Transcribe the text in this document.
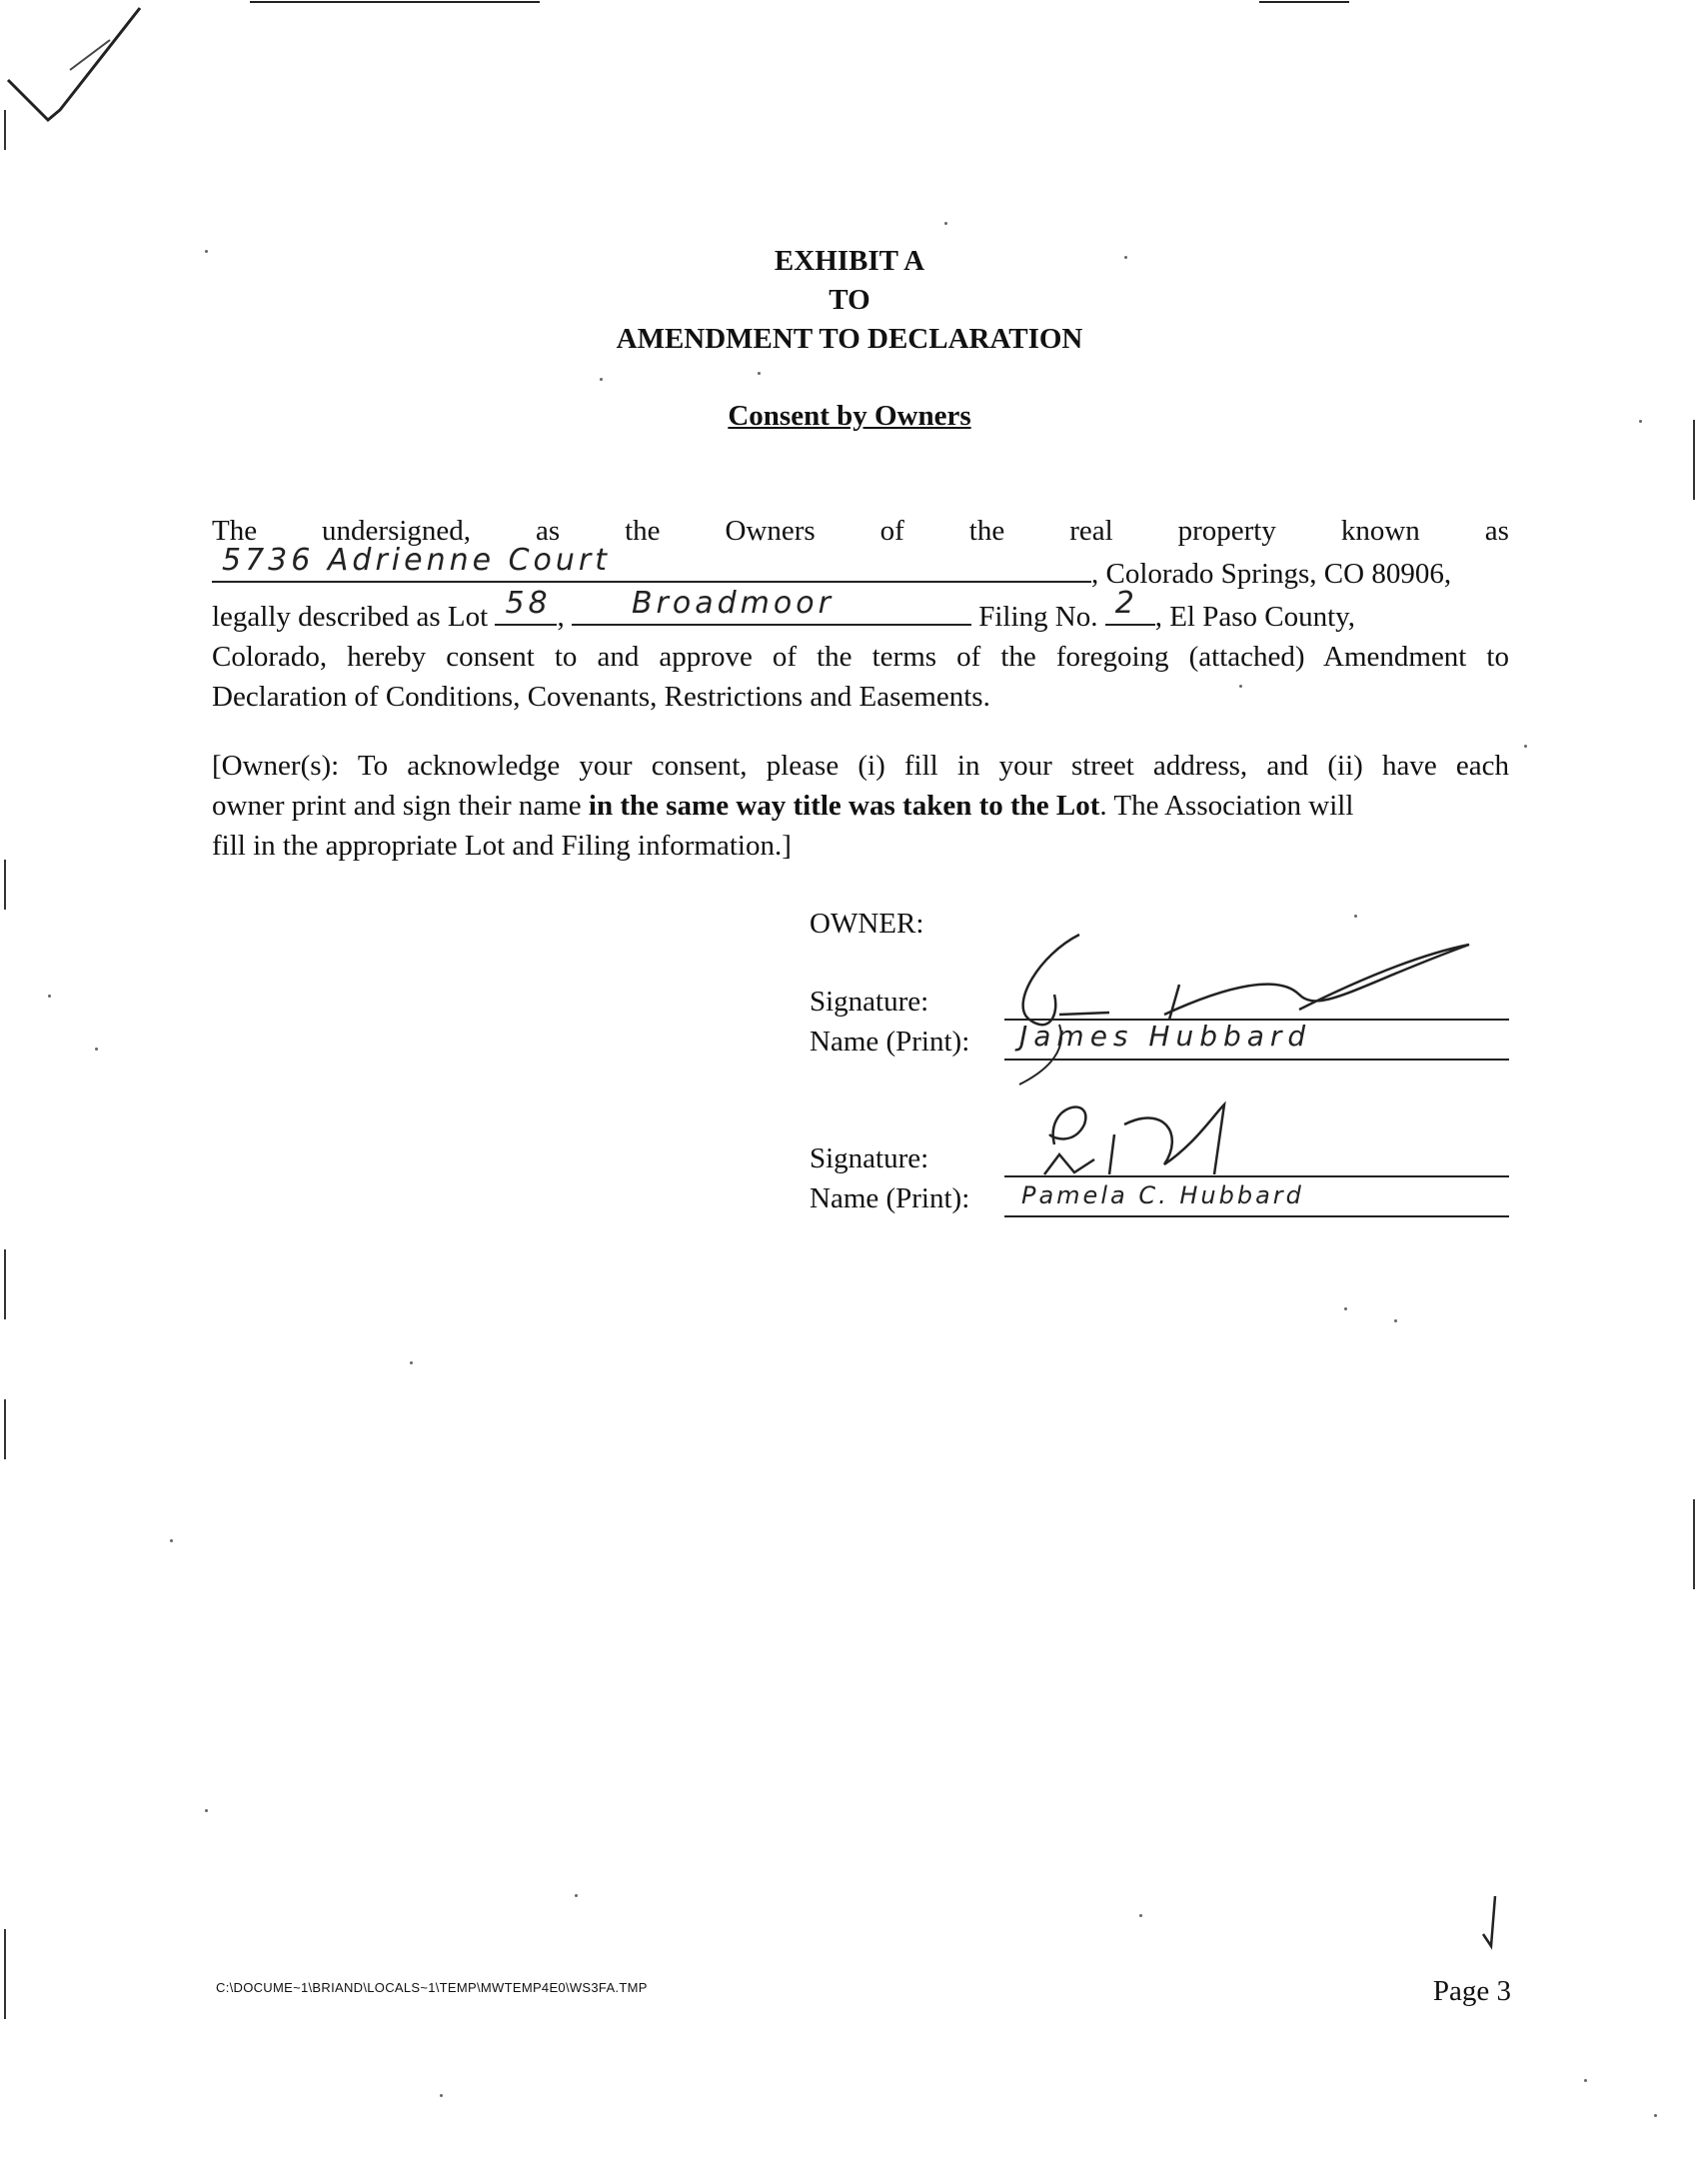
EXHIBIT A
TO
AMENDMENT TO DECLARATION
Consent by Owners
The undersigned, as the Owners of the real property known as
5736 Adrienne Court	, Colorado Springs, CO 80906,
legally described as Lot 58 , Broadmoor	Filing No. 2 , El Paso County,
Colorado, hereby consent to and approve of the terms of the foregoing (attached) Amendment to
Declaration of Conditions, Covenants, Restrictions and Easements.
[Owner(s): To acknowledge your consent, please (i) fill in your street address, and (ii) have each
owner print and sign their name in the same way title was taken to the Lot. The Association will
fill in the appropriate Lot and Filing information.]
OWNER:
Signature:
Name (Print): James Hubbard
Signature:
Name (Print): Pamela C. Hubbard
C:\DOCUME~1\BRIAND\LOCALS~1\TEMP\MWTEMP4E0\WS3FA.TMP	Page 3
